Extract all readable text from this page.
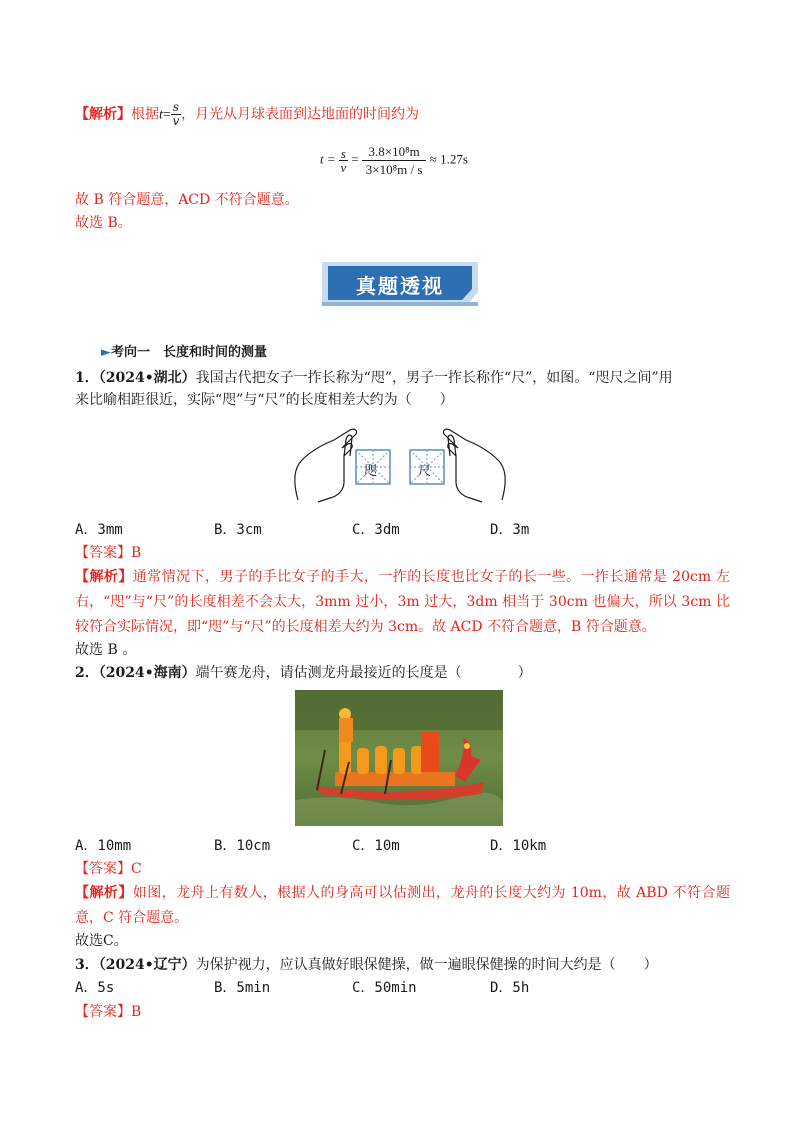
【解析】根据$t= \frac{s}{v}$ ，月光从月球表面到达地面的时间约为
$t = \frac{s}{v} = \frac{\text{3.8×10⁸m}}{\text{3×10⁸m / s}} \approx 1.27s$
故 B 符合题意，ACD 不符合题意。
故选 B。
真题透视
►考向一　长度和时间的测量
1．（2024•湖北）我国古代把女子一拃长称为“咫”，男子一拃长称作“尺”，如图。“咫尺之间”用
来比喻相距很近，实际“咫”与“尺”的长度相差大约为（　　）
咫	尺
A．3mm	B．3cm	C．3dm	D．3m
【答案】B
【解析】通常情况下，男子的手比女子的手大，一拃的长度也比女子的长一些。一拃长通常是 20cm 左右，“咫”与“尺”的长度相差不会太大，3mm 过小，3m 过大，3dm 相当于 30cm 也偏大，所以 3cm 比较符合实际情况，即“咫”与“尺”的长度相差大约为 3cm。故 ACD 不符合题意，B 符合题意。
故选 B 。
2．（2024•海南）端午赛龙舟，请估测龙舟最接近的长度是（　　　　）
A．10mm	B．10cm	C．10m	D．10km
【答案】C
【解析】如图，龙舟上有数人，根据人的身高可以估测出，龙舟的长度大约为 10m，故 ABD 不符合题意，C 符合题意。
故选C。
3．（2024•辽宁）为保护视力，应认真做好眼保健操，做一遍眼保健操的时间大约是（　　）
A．5s	B．5min	C．50min	D．5h
【答案】B
